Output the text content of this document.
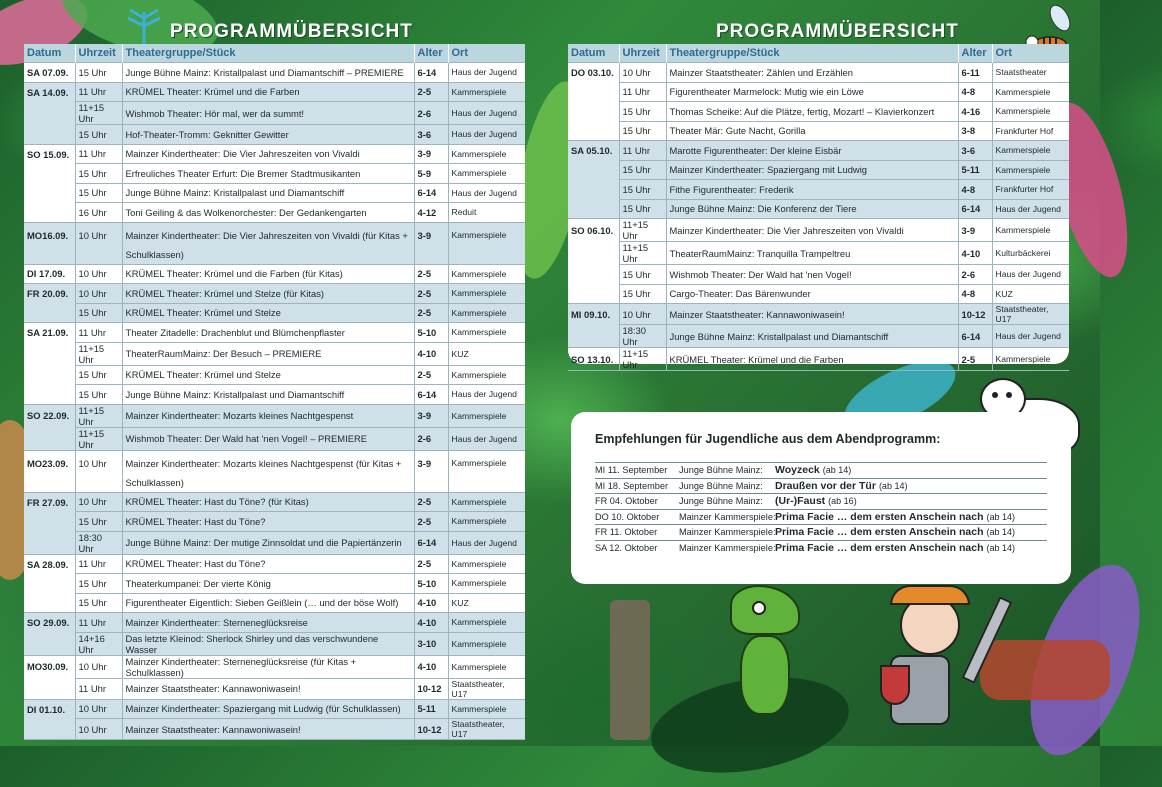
PROGRAMMÜBERSICHT	PROGRAMMÜBERSICHT
Datum	Uhrzeit	Theatergruppe/Stück	Alter	Ort
SA 07.09.	15 Uhr	Junge Bühne Mainz: Kristallpalast und Diamantschiff – PREMIERE	6-14	Haus der Jugend
SA 14.09.	11 Uhr	KRÜMEL Theater: Krümel und die Farben	2-5	Kammerspiele
	11+15 Uhr	Wishmob Theater: Hör mal, wer da summt!	2-6	Haus der Jugend
	15 Uhr	Hof-Theater-Tromm: Geknitter Gewitter	3-6	Haus der Jugend
SO 15.09.	11 Uhr	Mainzer Kindertheater: Die Vier Jahreszeiten von Vivaldi	3-9	Kammerspiele
	15 Uhr	Erfreuliches Theater Erfurt: Die Bremer Stadtmusikanten	5-9	Kammerspiele
	15 Uhr	Junge Bühne Mainz: Kristallpalast und Diamantschiff	6-14	Haus der Jugend
	16 Uhr	Toni Geiling & das Wolkenorchester: Der Gedankengarten	4-12	Reduit
MO16.09.	10 Uhr	Mainzer Kindertheater: Die Vier Jahreszeiten von Vivaldi (für Kitas + Schulklassen)	3-9	Kammerspiele
DI 17.09.	10 Uhr	KRÜMEL Theater: Krümel und die Farben (für Kitas)	2-5	Kammerspiele
FR 20.09.	10 Uhr	KRÜMEL Theater: Krümel und Stelze (für Kitas)	2-5	Kammerspiele
	15 Uhr	KRÜMEL Theater: Krümel und Stelze	2-5	Kammerspiele
SA 21.09.	11 Uhr	Theater Zitadelle: Drachenblut und Blümchenpflaster	5-10	Kammerspiele
	11+15 Uhr	TheaterRaumMainz: Der Besuch – PREMIERE	4-10	KUZ
	15 Uhr	KRÜMEL Theater: Krümel und Stelze	2-5	Kammerspiele
	15 Uhr	Junge Bühne Mainz: Kristallpalast und Diamantschiff	6-14	Haus der Jugend
SO 22.09.	11+15 Uhr	Mainzer Kindertheater: Mozarts kleines Nachtgespenst	3-9	Kammerspiele
	11+15 Uhr	Wishmob Theater: Der Wald hat 'nen Vogel! – PREMIERE	2-6	Haus der Jugend
MO23.09.	10 Uhr	Mainzer Kindertheater: Mozarts kleines Nachtgespenst (für Kitas + Schulklassen)	3-9	Kammerspiele
FR 27.09.	10 Uhr	KRÜMEL Theater: Hast du Töne? (für Kitas)	2-5	Kammerspiele
	15 Uhr	KRÜMEL Theater: Hast du Töne?	2-5	Kammerspiele
	18:30 Uhr	Junge Bühne Mainz: Der mutige Zinnsoldat und die Papiertänzerin	6-14	Haus der Jugend
SA 28.09.	11 Uhr	KRÜMEL Theater: Hast du Töne?	2-5	Kammerspiele
	15 Uhr	Theaterkumpanei: Der vierte König	5-10	Kammerspiele
	15 Uhr	Figurentheater Eigentlich: Sieben Geißlein (… und der böse Wolf)	4-10	KUZ
SO 29.09.	11 Uhr	Mainzer Kindertheater: Sterneneglücksreise	4-10	Kammerspiele
	14+16 Uhr	Das letzte Kleinod: Sherlock Shirley und das verschwundene Wasser	3-10	Kammerspiele
MO30.09.	10 Uhr	Mainzer Kindertheater: Sterneneglücksreise (für Kitas + Schulklassen)	4-10	Kammerspiele
	11 Uhr	Mainzer Staatstheater: Kannawoniwasein!	10-12	Staatstheater, U17
DI 01.10.	10 Uhr	Mainzer Kindertheater: Spaziergang mit Ludwig (für Schulklassen)	5-11	Kammerspiele
	10 Uhr	Mainzer Staatstheater: Kannawoniwasein!	10-12	Staatstheater, U17
Datum	Uhrzeit	Theatergruppe/Stück	Alter	Ort
DO 03.10.	10 Uhr	Mainzer Staatstheater: Zählen und Erzählen	6-11	Staatstheater
	11 Uhr	Figurentheater Marmelock: Mutig wie ein Löwe	4-8	Kammerspiele
	15 Uhr	Thomas Scheike: Auf die Plätze, fertig, Mozart! – Klavierkonzert	4-16	Kammerspiele
	15 Uhr	Theater Mär: Gute Nacht, Gorilla	3-8	Frankfurter Hof
SA 05.10.	11 Uhr	Marotte Figurentheater: Der kleine Eisbär	3-6	Kammerspiele
	15 Uhr	Mainzer Kindertheater: Spaziergang mit Ludwig	5-11	Kammerspiele
	15 Uhr	Fithe Figurentheater: Frederik	4-8	Frankfurter Hof
	15 Uhr	Junge Bühne Mainz: Die Konferenz der Tiere	6-14	Haus der Jugend
SO 06.10.	11+15 Uhr	Mainzer Kindertheater: Die Vier Jahreszeiten von Vivaldi	3-9	Kammerspiele
	11+15 Uhr	TheaterRaumMainz: Tranquilla Trampeltreu	4-10	Kulturbäckerei
	15 Uhr	Wishmob Theater: Der Wald hat 'nen Vogel!	2-6	Haus der Jugend
	15 Uhr	Cargo-Theater: Das Bärenwunder	4-8	KUZ
MI 09.10.	10 Uhr	Mainzer Staatstheater: Kannawoniwasein!	10-12	Staatstheater, U17
	18:30 Uhr	Junge Bühne Mainz: Kristallpalast und Diamantschiff	6-14	Haus der Jugend
SO 13.10.	11+15 Uhr	KRÜMEL Theater: Krümel und die Farben	2-5	Kammerspiele
Empfehlungen für Jugendliche aus dem Abendprogramm:
MI 11. September	Junge Bühne Mainz:	Woyzeck (ab 14)
MI 18. September	Junge Bühne Mainz:	Draußen vor der Tür (ab 14)
FR 04. Oktober	Junge Bühne Mainz:	(Ur-)Faust (ab 16)
DO 10. Oktober	Mainzer Kammerspiele: Prima Facie … dem ersten Anschein nach (ab 14)
FR 11. Oktober	Mainzer Kammerspiele: Prima Facie … dem ersten Anschein nach (ab 14)
SA 12. Oktober	Mainzer Kammerspiele: Prima Facie … dem ersten Anschein nach (ab 14)
